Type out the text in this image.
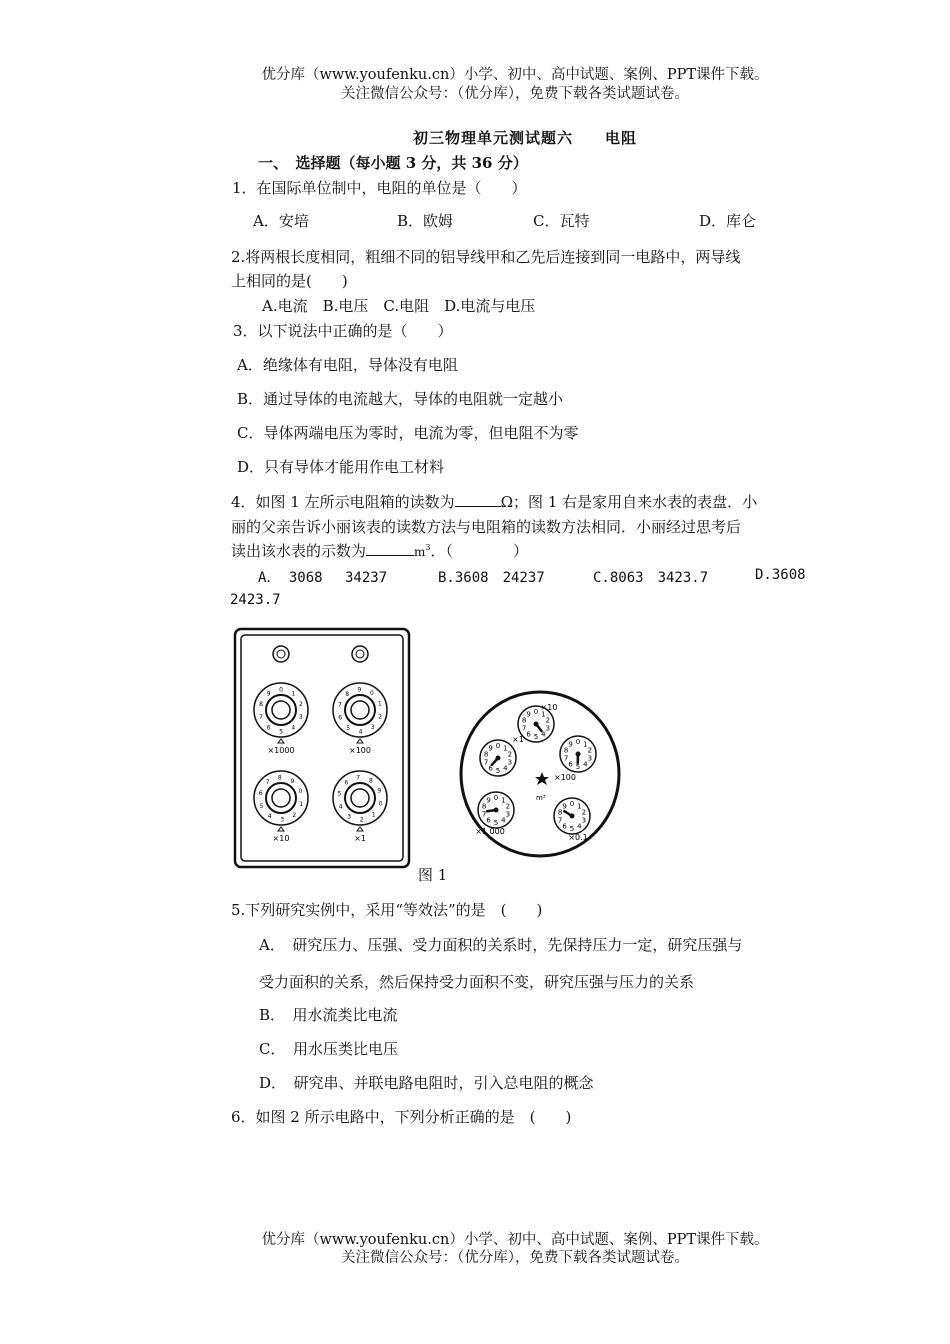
优分库（www.youfenku.cn）小学、初中、高中试题、案例、PPT课件下载。
关注微信公众号：（优分库），免费下载各类试题试卷。
初三物理单元测试题六　　电阻
一、　选择题（每小题 3 分，共 36 分）
1．在国际单位制中，电阻的单位是（　　）
A．安培	B．欧姆	C．瓦特	D．库仑
2.将两根长度相同，粗细不同的铝导线甲和乙先后连接到同一电路中，两导线
上相同的是(　　)
A.电流　B.电压　C.电阻　D.电流与电压
3．以下说法中正确的是（　　）
A．绝缘体有电阻，导体没有电阻
B．通过导体的电流越大，导体的电阻就一定越小
C．导体两端电压为零时，电流为零，但电阻不为零
D．只有导体才能用作电工材料
4．如图 1 左所示电阻箱的读数为	Ω；图 1 右是家用自来水表的表盘．小
丽的父亲告诉小丽该表的读数方法与电阻箱的读数方法相同．小丽经过思考后
读出该水表的示数为	$m^3$．（　　　　）
A． 3068　 34237	B.3608　24237	C.8063　3423.7	D.3608
2423.7
0
1
2
3
4
5
6
7
8
9
×1000
0
1
2
3
4
5
6
7
8
9
×100
0
1
2
3
4
5
6
7
8 9
×10
0
1
2
3
4
5
6
7 8
9
×1
0 1
2
3
4
5
6
7
8
9
×10
0 1
2
3
4
5
6
7
8
9
×100
0 1
2
3
4
5
6
7
8
9
×1
0 1
2
3
4
5
6
7
8
9
×1 000
0 1
2
3
4
5
6
7
8
9
×0.1
m³
图 1
5.下列研究实例中，采用“等效法”的是　(　　)
A．　研究压力、压强、受力面积的关系时，先保持压力一定，研究压强与
受力面积的关系，然后保持受力面积不变，研究压强与压力的关系
B．　用水流类比电流
C．　用水压类比电压
D．　研究串、并联电路电阻时，引入总电阻的概念
6．如图 2 所示电路中，下列分析正确的是　(　　)
优分库（www.youfenku.cn）小学、初中、高中试题、案例、PPT课件下载。
关注微信公众号：（优分库），免费下载各类试题试卷。
